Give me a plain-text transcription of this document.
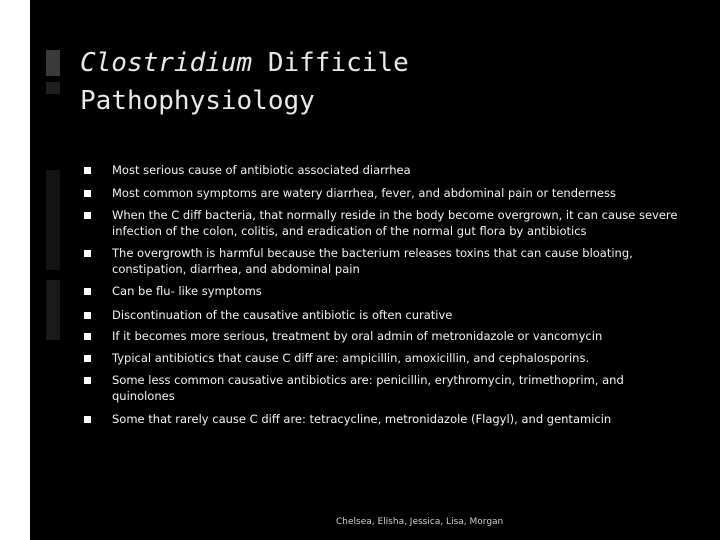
Clostridium Difficile
Pathophysiology
Most serious cause of antibiotic associated diarrhea
Most common symptoms are watery diarrhea, fever, and abdominal pain or tenderness
When the C diff bacteria, that normally reside in the body become overgrown, it can cause severe infection of the colon, colitis, and eradication of the normal gut flora by antibiotics
The overgrowth is harmful because the bacterium releases toxins that can cause bloating, constipation, diarrhea, and abdominal pain
Can be flu- like symptoms
Discontinuation of the causative antibiotic is often curative
If it becomes more serious, treatment by oral admin of metronidazole or vancomycin
Typical antibiotics that cause C diff are: ampicillin, amoxicillin, and cephalosporins.
Some less common causative antibiotics are: penicillin, erythromycin, trimethoprim, and quinolones
Some that rarely cause C diff are: tetracycline, metronidazole (Flagyl), and gentamicin
Chelsea, Elisha, Jessica, Lisa, Morgan
